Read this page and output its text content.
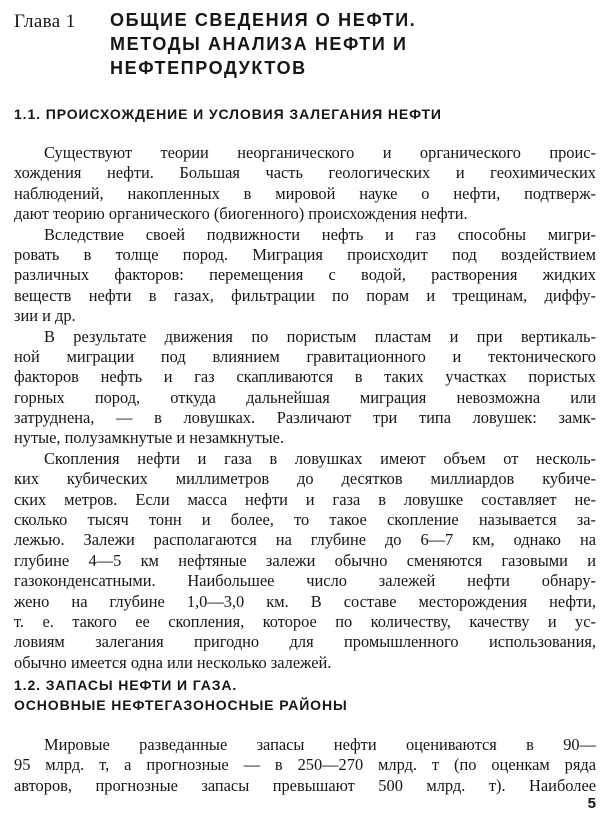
Глава 1 ОБЩИЕ СВЕДЕНИЯ О НЕФТИ.
МЕТОДЫ АНАЛИЗА НЕФТИ И
НЕФТЕПРОДУКТОВ
1.1. ПРОИСХОЖДЕНИЕ И УСЛОВИЯ ЗАЛЕГАНИЯ НЕФТИ
Существуют теории неорганического и органического проис-
хождения нефти. Большая часть геологических и геохимических
наблюдений, накопленных в мировой науке о нефти, подтверж-
дают теорию органического (биогенного) происхождения нефти.
Вследствие своей подвижности нефть и газ способны мигри-
ровать в толще пород. Миграция происходит под воздействием
различных факторов: перемещения с водой, растворения жидких
веществ нефти в газах, фильтрации по порам и трещинам, диффу-
зии и др.
В результате движения по пористым пластам и при вертикаль-
ной миграции под влиянием гравитационного и тектонического
факторов нефть и газ скапливаются в таких участках пористых
горных пород, откуда дальнейшая миграция невозможна или
затруднена, — в ловушках. Различают три типа ловушек: замк-
нутые, полузамкнутые и незамкнутые.
Скопления нефти и газа в ловушках имеют объем от несколь-
ких кубических миллиметров до десятков миллиардов кубиче-
ских метров. Если масса нефти и газа в ловушке составляет не-
сколько тысяч тонн и более, то такое скопление называется за-
лежью. Залежи располагаются на глубине до 6—7 км, однако на
глубине 4—5 км нефтяные залежи обычно сменяются газовыми и
газоконденсатными. Наибольшее число залежей нефти обнару-
жено на глубине 1,0—3,0 км. В составе месторождения нефти,
т. е. такого ее скопления, которое по количеству, качеству и ус-
ловиям залегания пригодно для промышленного использования,
обычно имеется одна или несколько залежей.
1.2. ЗАПАСЫ НЕФТИ И ГАЗА.
ОСНОВНЫЕ НЕФТЕГАЗОНОСНЫЕ РАЙОНЫ
Мировые разведанные запасы нефти оцениваются в 90—
95 млрд. т, а прогнозные — в 250—270 млрд. т (по оценкам ряда
авторов, прогнозные запасы превышают 500 млрд. т). Наиболее
5
